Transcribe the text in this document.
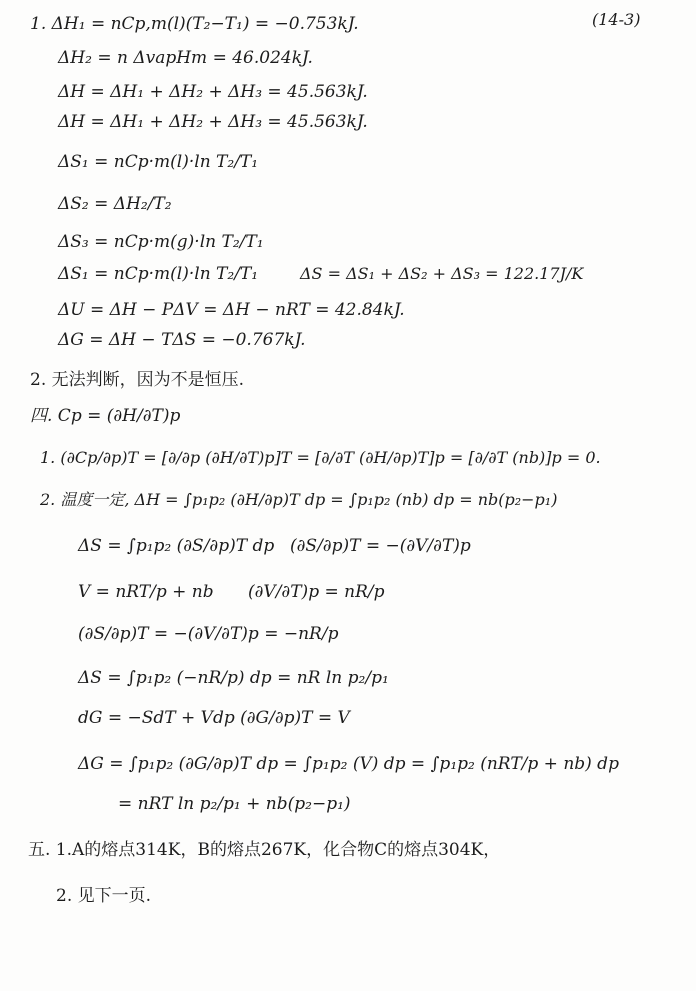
(14-3)
1. ΔH₁ = nCp,m(l)(T₂−T₁) = −0.753kJ.
ΔH₂ = n ΔvapHm = 46.024kJ.
ΔH = ΔH₁ + ΔH₂ + ΔH₃ = 45.563kJ.
ΔH = ΔH₁ + ΔH₂ + ΔH₃ = 45.563kJ.
ΔS₁ = nCp·m(l)·ln T₂/T₁
ΔS₂ = ΔH₂/T₂
ΔS₃ = nCp·m(g)·ln T₂/T₁
ΔS₁ = nCp·m(l)·ln T₂/T₁	ΔS = ΔS₁ + ΔS₂ + ΔS₃ = 122.17J/K
ΔU = ΔH − PΔV = ΔH − nRT = 42.84kJ.
ΔG = ΔH − TΔS = −0.767kJ.
2. 无法判断，因为不是恒压.
四. Cp = (∂H/∂T)p
1. (∂Cp/∂p)T = [∂/∂p (∂H/∂T)p]T = [∂/∂T (∂H/∂p)T]p = [∂/∂T (nb)]p = 0.
2. 温度一定, ΔH = ∫p₁p₂ (∂H/∂p)T dp = ∫p₁p₂ (nb) dp = nb(p₂−p₁)
ΔS = ∫p₁p₂ (∂S/∂p)T dp (∂S/∂p)T = −(∂V/∂T)p
V = nRT/p + nb (∂V/∂T)p = nR/p
(∂S/∂p)T = −(∂V/∂T)p = −nR/p
ΔS = ∫p₁p₂ (−nR/p) dp = nR ln p₂/p₁
dG = −SdT + Vdp (∂G/∂p)T = V
ΔG = ∫p₁p₂ (∂G/∂p)T dp = ∫p₁p₂ (V) dp = ∫p₁p₂ (nRT/p + nb) dp
= nRT ln p₂/p₁ + nb(p₂−p₁)
五. 1.A的熔点314K，B的熔点267K，化合物C的熔点304K，
2. 见下一页.
